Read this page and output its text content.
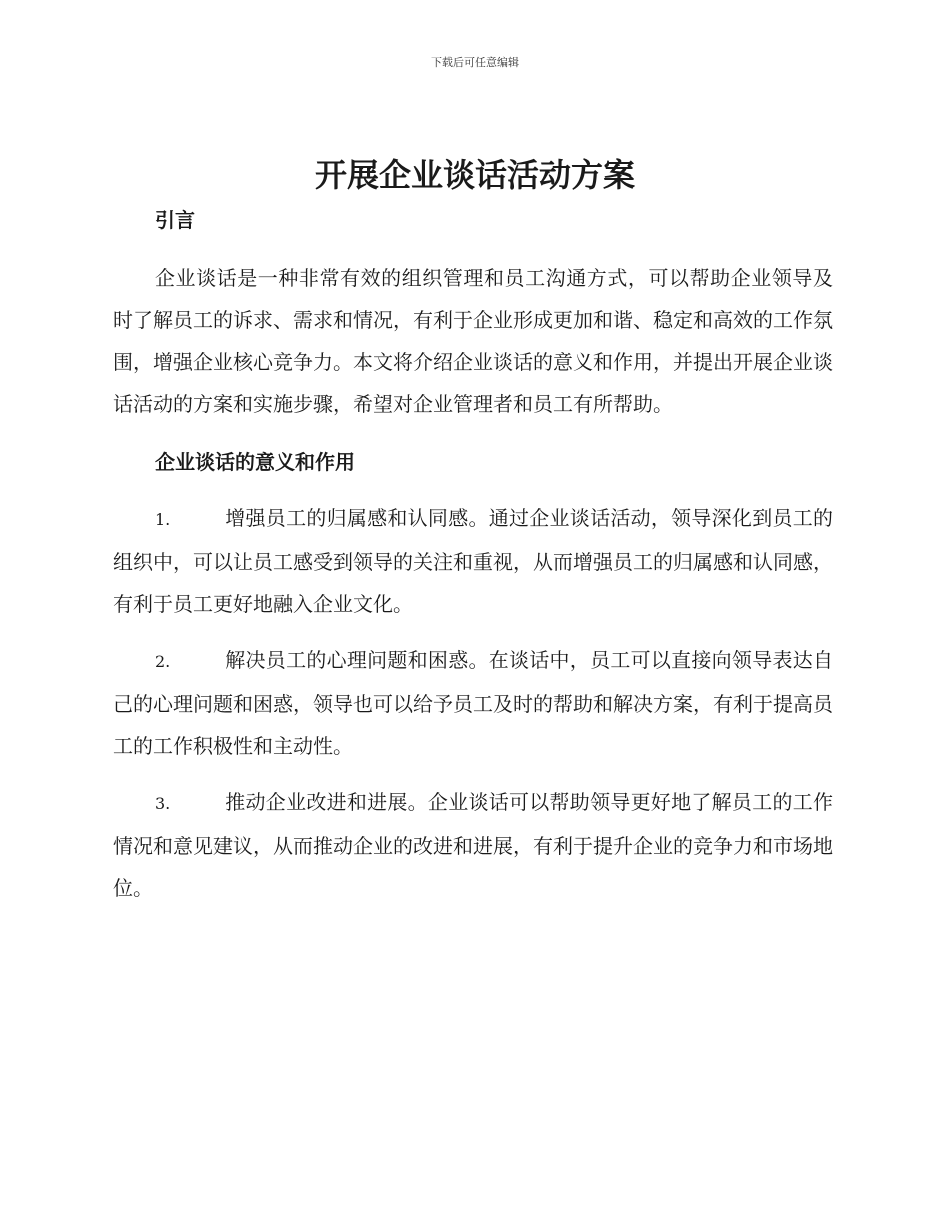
下载后可任意编辑
开展企业谈话活动方案
引言

企业谈话是一种非常有效的组织管理和员工沟通方式，可以帮助企业领导及时了解员工的诉求、需求和情况，有利于企业形成更加和谐、稳定和高效的工作氛围，增强企业核心竞争力。本文将介绍企业谈话的意义和作用，并提出开展企业谈话活动的方案和实施步骤，希望对企业管理者和员工有所帮助。

企业谈话的意义和作用
1.	增强员工的归属感和认同感。通过企业谈话活动，领导深化到员工的组织中，可以让员工感受到领导的关注和重视，从而增强员工的归属感和认同感，有利于员工更好地融入企业文化。
2.	解决员工的心理问题和困惑。在谈话中，员工可以直接向领导表达自己的心理问题和困惑，领导也可以给予员工及时的帮助和解决方案，有利于提高员工的工作积极性和主动性。
3.	推动企业改进和进展。企业谈话可以帮助领导更好地了解员工的工作情况和意见建议，从而推动企业的改进和进展，有利于提升企业的竞争力和市场地位。
